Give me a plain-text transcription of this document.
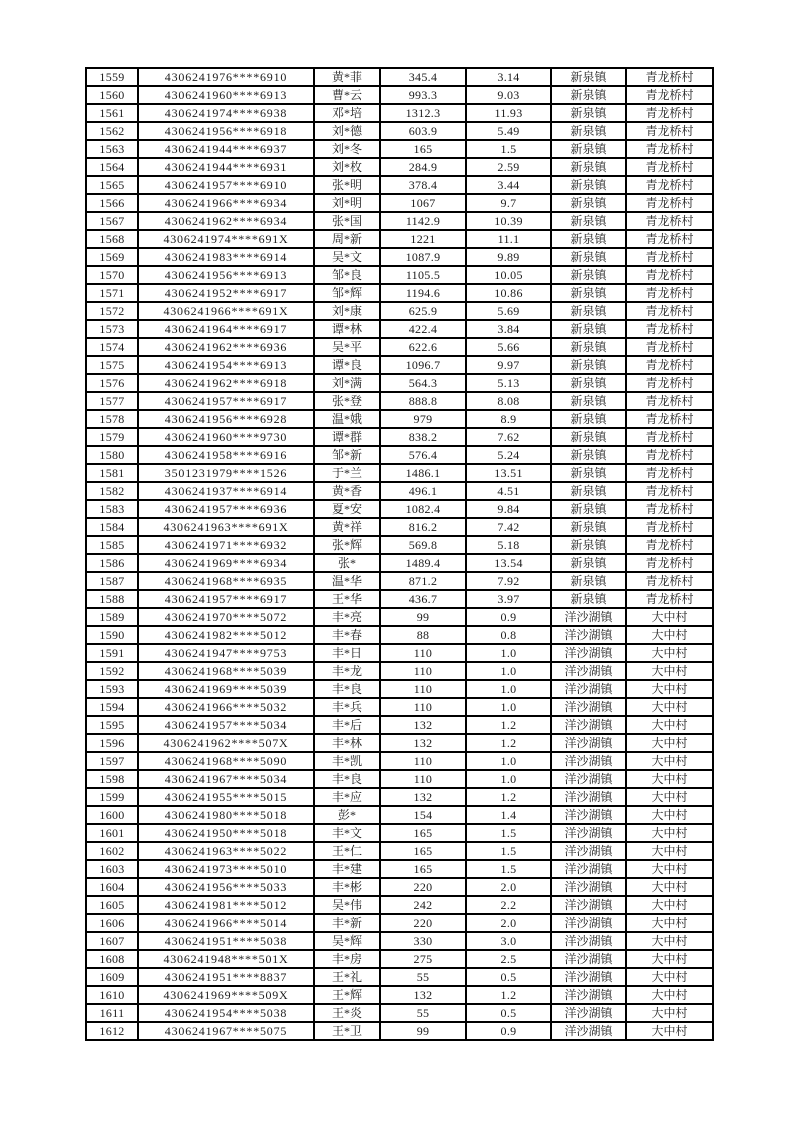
1559	4306241976****6910	黄*菲	345.4	3.14	新泉镇	青龙桥村
1560	4306241960****6913	曹*云	993.3	9.03	新泉镇	青龙桥村
1561	4306241974****6938	邓*培	1312.3	11.93	新泉镇	青龙桥村
1562	4306241956****6918	刘*德	603.9	5.49	新泉镇	青龙桥村
1563	4306241944****6937	刘*冬	165	1.5	新泉镇	青龙桥村
1564	4306241944****6931	刘*枚	284.9	2.59	新泉镇	青龙桥村
1565	4306241957****6910	张*明	378.4	3.44	新泉镇	青龙桥村
1566	4306241966****6934	刘*明	1067	9.7	新泉镇	青龙桥村
1567	4306241962****6934	张*国	1142.9	10.39	新泉镇	青龙桥村
1568	4306241974****691X	周*新	1221	11.1	新泉镇	青龙桥村
1569	4306241983****6914	吴*文	1087.9	9.89	新泉镇	青龙桥村
1570	4306241956****6913	邹*良	1105.5	10.05	新泉镇	青龙桥村
1571	4306241952****6917	邹*辉	1194.6	10.86	新泉镇	青龙桥村
1572	4306241966****691X	刘*康	625.9	5.69	新泉镇	青龙桥村
1573	4306241964****6917	谭*林	422.4	3.84	新泉镇	青龙桥村
1574	4306241962****6936	吴*平	622.6	5.66	新泉镇	青龙桥村
1575	4306241954****6913	谭*良	1096.7	9.97	新泉镇	青龙桥村
1576	4306241962****6918	刘*满	564.3	5.13	新泉镇	青龙桥村
1577	4306241957****6917	张*登	888.8	8.08	新泉镇	青龙桥村
1578	4306241956****6928	温*娥	979	8.9	新泉镇	青龙桥村
1579	4306241960****9730	谭*群	838.2	7.62	新泉镇	青龙桥村
1580	4306241958****6916	邹*新	576.4	5.24	新泉镇	青龙桥村
1581	3501231979****1526	于*兰	1486.1	13.51	新泉镇	青龙桥村
1582	4306241937****6914	黄*香	496.1	4.51	新泉镇	青龙桥村
1583	4306241957****6936	夏*安	1082.4	9.84	新泉镇	青龙桥村
1584	4306241963****691X	黄*祥	816.2	7.42	新泉镇	青龙桥村
1585	4306241971****6932	张*辉	569.8	5.18	新泉镇	青龙桥村
1586	4306241969****6934	张*	1489.4	13.54	新泉镇	青龙桥村
1587	4306241968****6935	温*华	871.2	7.92	新泉镇	青龙桥村
1588	4306241957****6917	王*华	436.7	3.97	新泉镇	青龙桥村
1589	4306241970****5072	丰*亮	99	0.9	洋沙湖镇	大中村
1590	4306241982****5012	丰*春	88	0.8	洋沙湖镇	大中村
1591	4306241947****9753	丰*日	110	1.0	洋沙湖镇	大中村
1592	4306241968****5039	丰*龙	110	1.0	洋沙湖镇	大中村
1593	4306241969****5039	丰*良	110	1.0	洋沙湖镇	大中村
1594	4306241966****5032	丰*兵	110	1.0	洋沙湖镇	大中村
1595	4306241957****5034	丰*后	132	1.2	洋沙湖镇	大中村
1596	4306241962****507X	丰*林	132	1.2	洋沙湖镇	大中村
1597	4306241968****5090	丰*凯	110	1.0	洋沙湖镇	大中村
1598	4306241967****5034	丰*良	110	1.0	洋沙湖镇	大中村
1599	4306241955****5015	丰*应	132	1.2	洋沙湖镇	大中村
1600	4306241980****5018	彭*	154	1.4	洋沙湖镇	大中村
1601	4306241950****5018	丰*文	165	1.5	洋沙湖镇	大中村
1602	4306241963****5022	王*仁	165	1.5	洋沙湖镇	大中村
1603	4306241973****5010	丰*建	165	1.5	洋沙湖镇	大中村
1604	4306241956****5033	丰*彬	220	2.0	洋沙湖镇	大中村
1605	4306241981****5012	吴*伟	242	2.2	洋沙湖镇	大中村
1606	4306241966****5014	丰*新	220	2.0	洋沙湖镇	大中村
1607	4306241951****5038	吴*辉	330	3.0	洋沙湖镇	大中村
1608	4306241948****501X	丰*房	275	2.5	洋沙湖镇	大中村
1609	4306241951****8837	王*礼	55	0.5	洋沙湖镇	大中村
1610	4306241969****509X	王*辉	132	1.2	洋沙湖镇	大中村
1611	4306241954****5038	王*炎	55	0.5	洋沙湖镇	大中村
1612	4306241967****5075	王*卫	99	0.9	洋沙湖镇	大中村
